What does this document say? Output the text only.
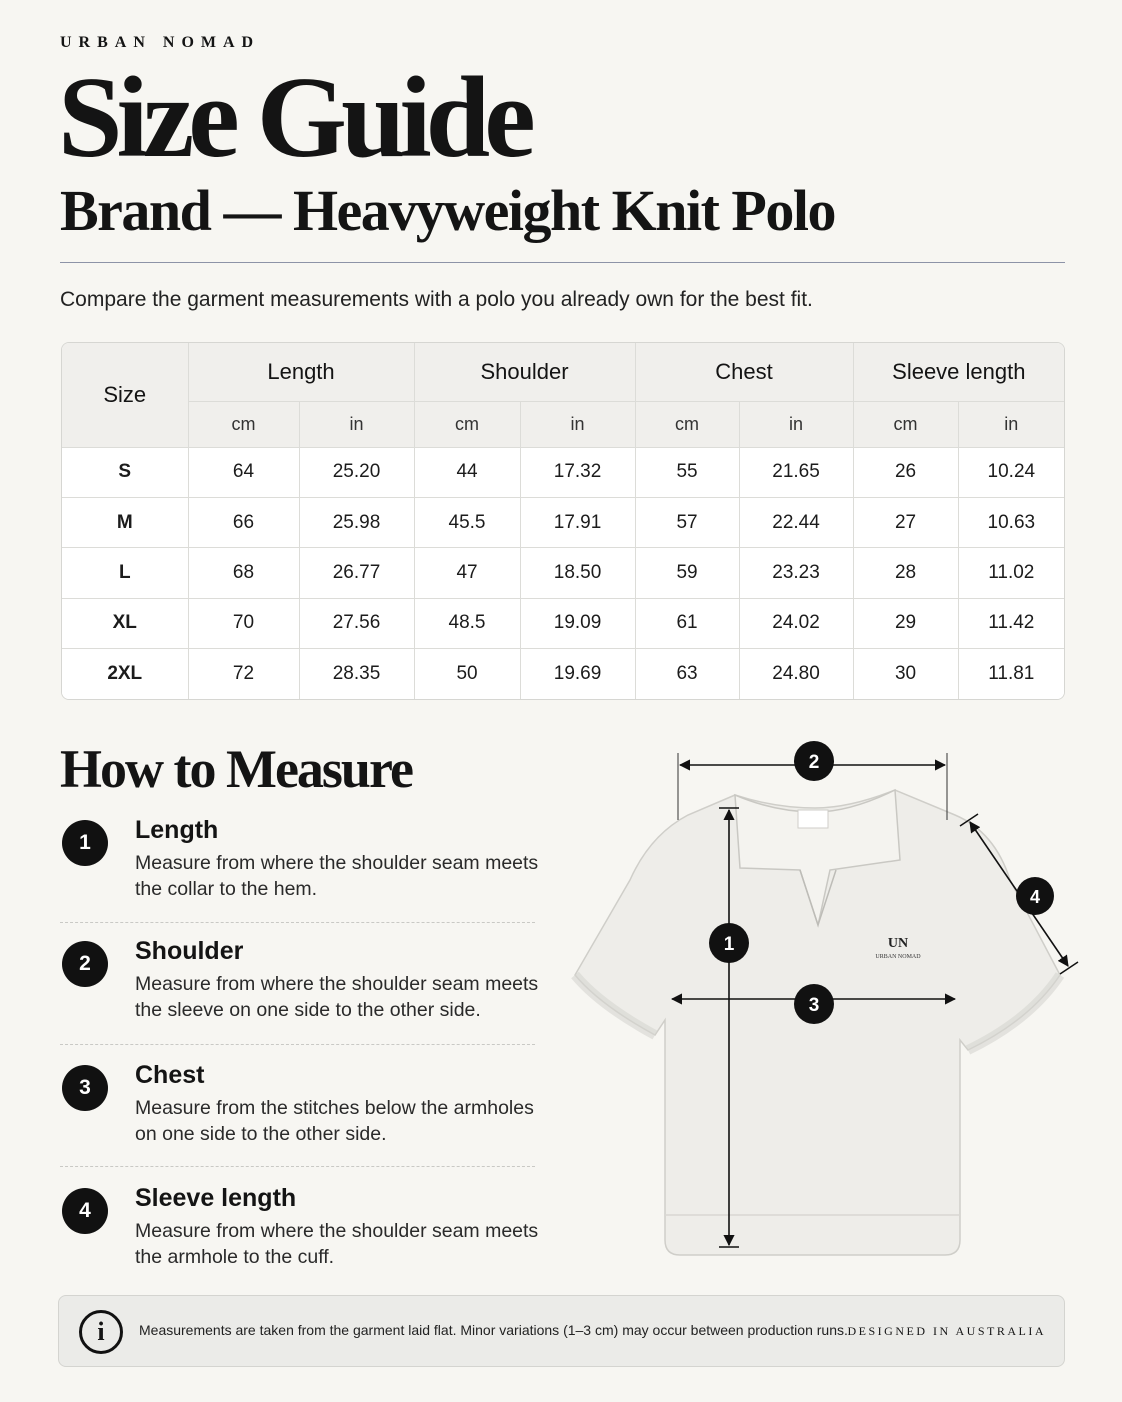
URBAN NOMAD
Size Guide
Brand — Heavyweight Knit Polo
Compare the garment measurements with a polo you already own for the best fit.
Size	Length		Shoulder		Chest		Sleeve length	
	cm	in	cm	in	cm	in	cm	in
S	64	25.20	44	17.32	55	21.65	26	10.24
M	66	25.98	45.5	17.91	57	22.44	27	10.63
L	68	26.77	47	18.50	59	23.23	28	11.02
XL	70	27.56	48.5	19.09	61	24.02	29	11.42
2XL	72	28.35	50	19.69	63	24.80	30	11.81
How to Measure
1	Length
Measure from where the shoulder seam meets the collar to the hem.
2	Shoulder
Measure from where the shoulder seam meets the sleeve on one side to the other side.
3	Chest
Measure from the stitches below the armholes on one side to the other side.
4	Sleeve length
Measure from where the shoulder seam meets the armhole to the cuff.
UN
URBAN NOMAD
1
2
3
4
i	Measurements are taken from the garment laid flat. Minor variations (1–3 cm) may occur between production runs. DESIGNED IN AUSTRALIA
